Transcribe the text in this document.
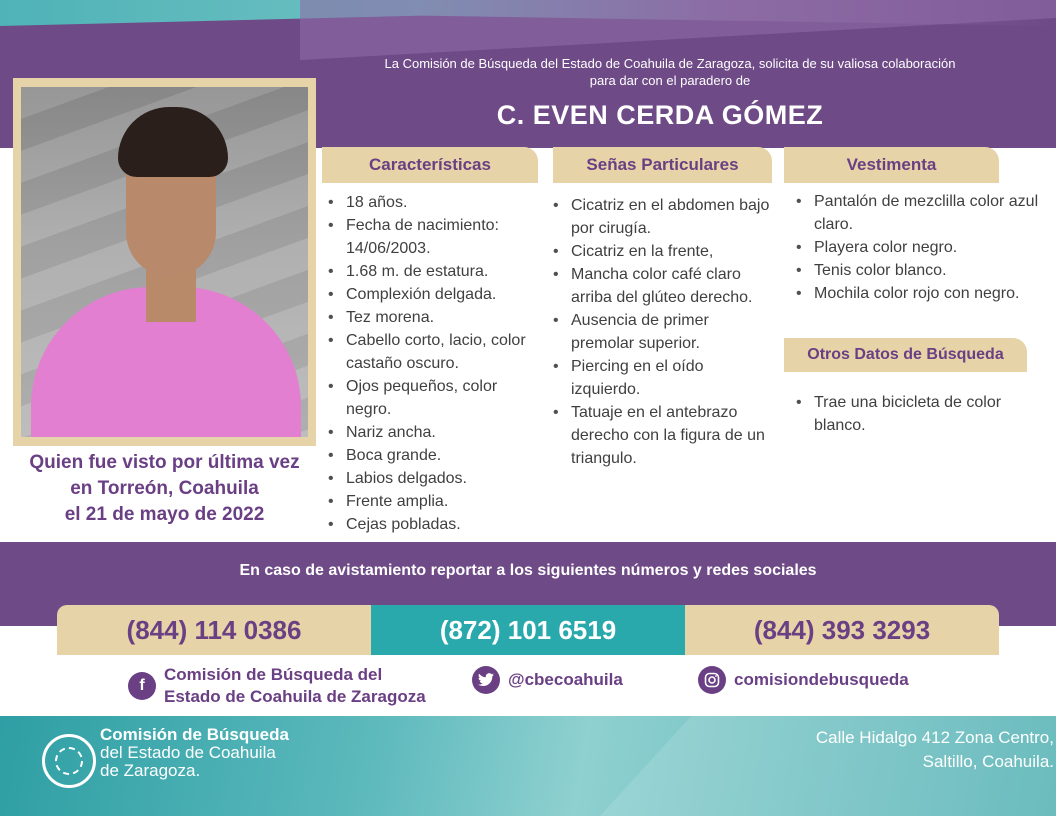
La Comisión de Búsqueda del Estado de Coahuila de Zaragoza, solicita de su valiosa colaboración para dar con el paradero de
C. EVEN CERDA GÓMEZ
Quien fue visto por última vez
en Torreón, Coahuila
el 21 de mayo de 2022
Características
• 18 años.
• Fecha de nacimiento: 14/06/2003.
• 1.68 m. de estatura.
• Complexión delgada.
• Tez morena.
• Cabello corto, lacio, color castaño oscuro.
• Ojos pequeños, color negro.
• Nariz ancha.
• Boca grande.
• Labios delgados.
• Frente amplia.
• Cejas pobladas.
Señas Particulares
• Cicatriz en el abdomen bajo por cirugía.
• Cicatriz en la frente,
• Mancha color café claro arriba del glúteo derecho.
• Ausencia de primer premolar superior.
• Piercing en el oído izquierdo.
• Tatuaje en el antebrazo derecho con la figura de un triangulo.
Vestimenta
• Pantalón de mezclilla color azul claro.
• Playera color negro.
• Tenis color blanco.
• Mochila color rojo con negro.
Otros Datos de Búsqueda
• Trae una bicicleta de color blanco.
En caso de avistamiento reportar a los siguientes números y redes sociales
(844) 114 0386	(872) 101 6519	(844) 393 3293
f
Comisión de Búsqueda del
Estado de Coahuila de Zaragoza
@cbecoahuila	comisiondebusqueda
Comisión de Búsqueda
del Estado de Coahuila
de Zaragoza.
Calle Hidalgo 412 Zona Centro,
Saltillo, Coahuila.
